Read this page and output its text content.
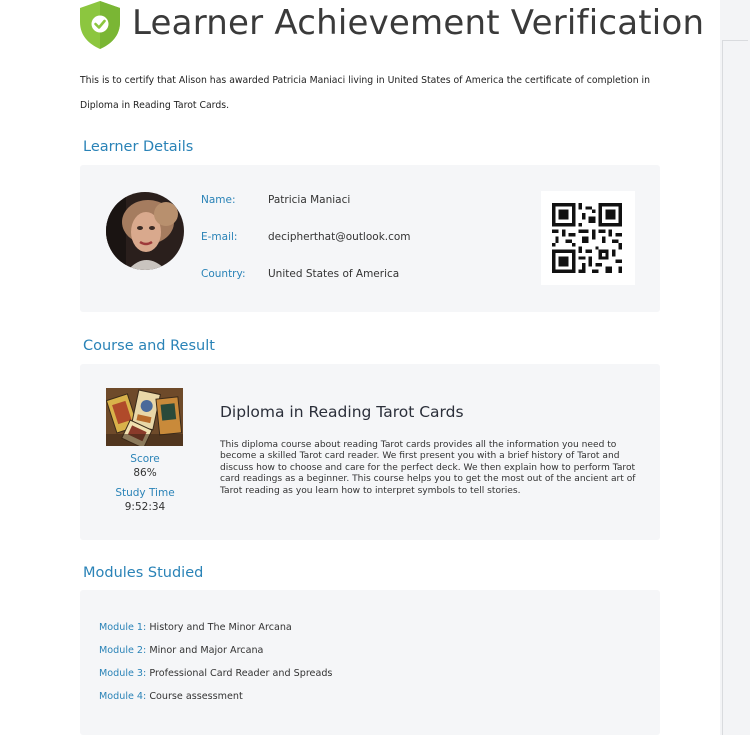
Learner Achievement Verification
This is to certify that Alison has awarded Patricia Maniaci living in United States of America the certificate of completion in
Diploma in Reading Tarot Cards.
Learner Details
Name:	Patricia Maniaci
E-mail:	decipherthat@outlook.com
Country: United States of America
Course and Result
Score
86%
Study Time
9:52:34
Diploma in Reading Tarot Cards
This diploma course about reading Tarot cards provides all the information you need to become a skilled Tarot card reader. We first present you with a brief history of Tarot and discuss how to choose and care for the perfect deck. We then explain how to perform Tarot card readings as a beginner. This course helps you to get the most out of the ancient art of Tarot reading as you learn how to interpret symbols to tell stories.
Modules Studied
Module 1: History and The Minor Arcana
Module 2: Minor and Major Arcana
Module 3: Professional Card Reader and Spreads
Module 4: Course assessment
